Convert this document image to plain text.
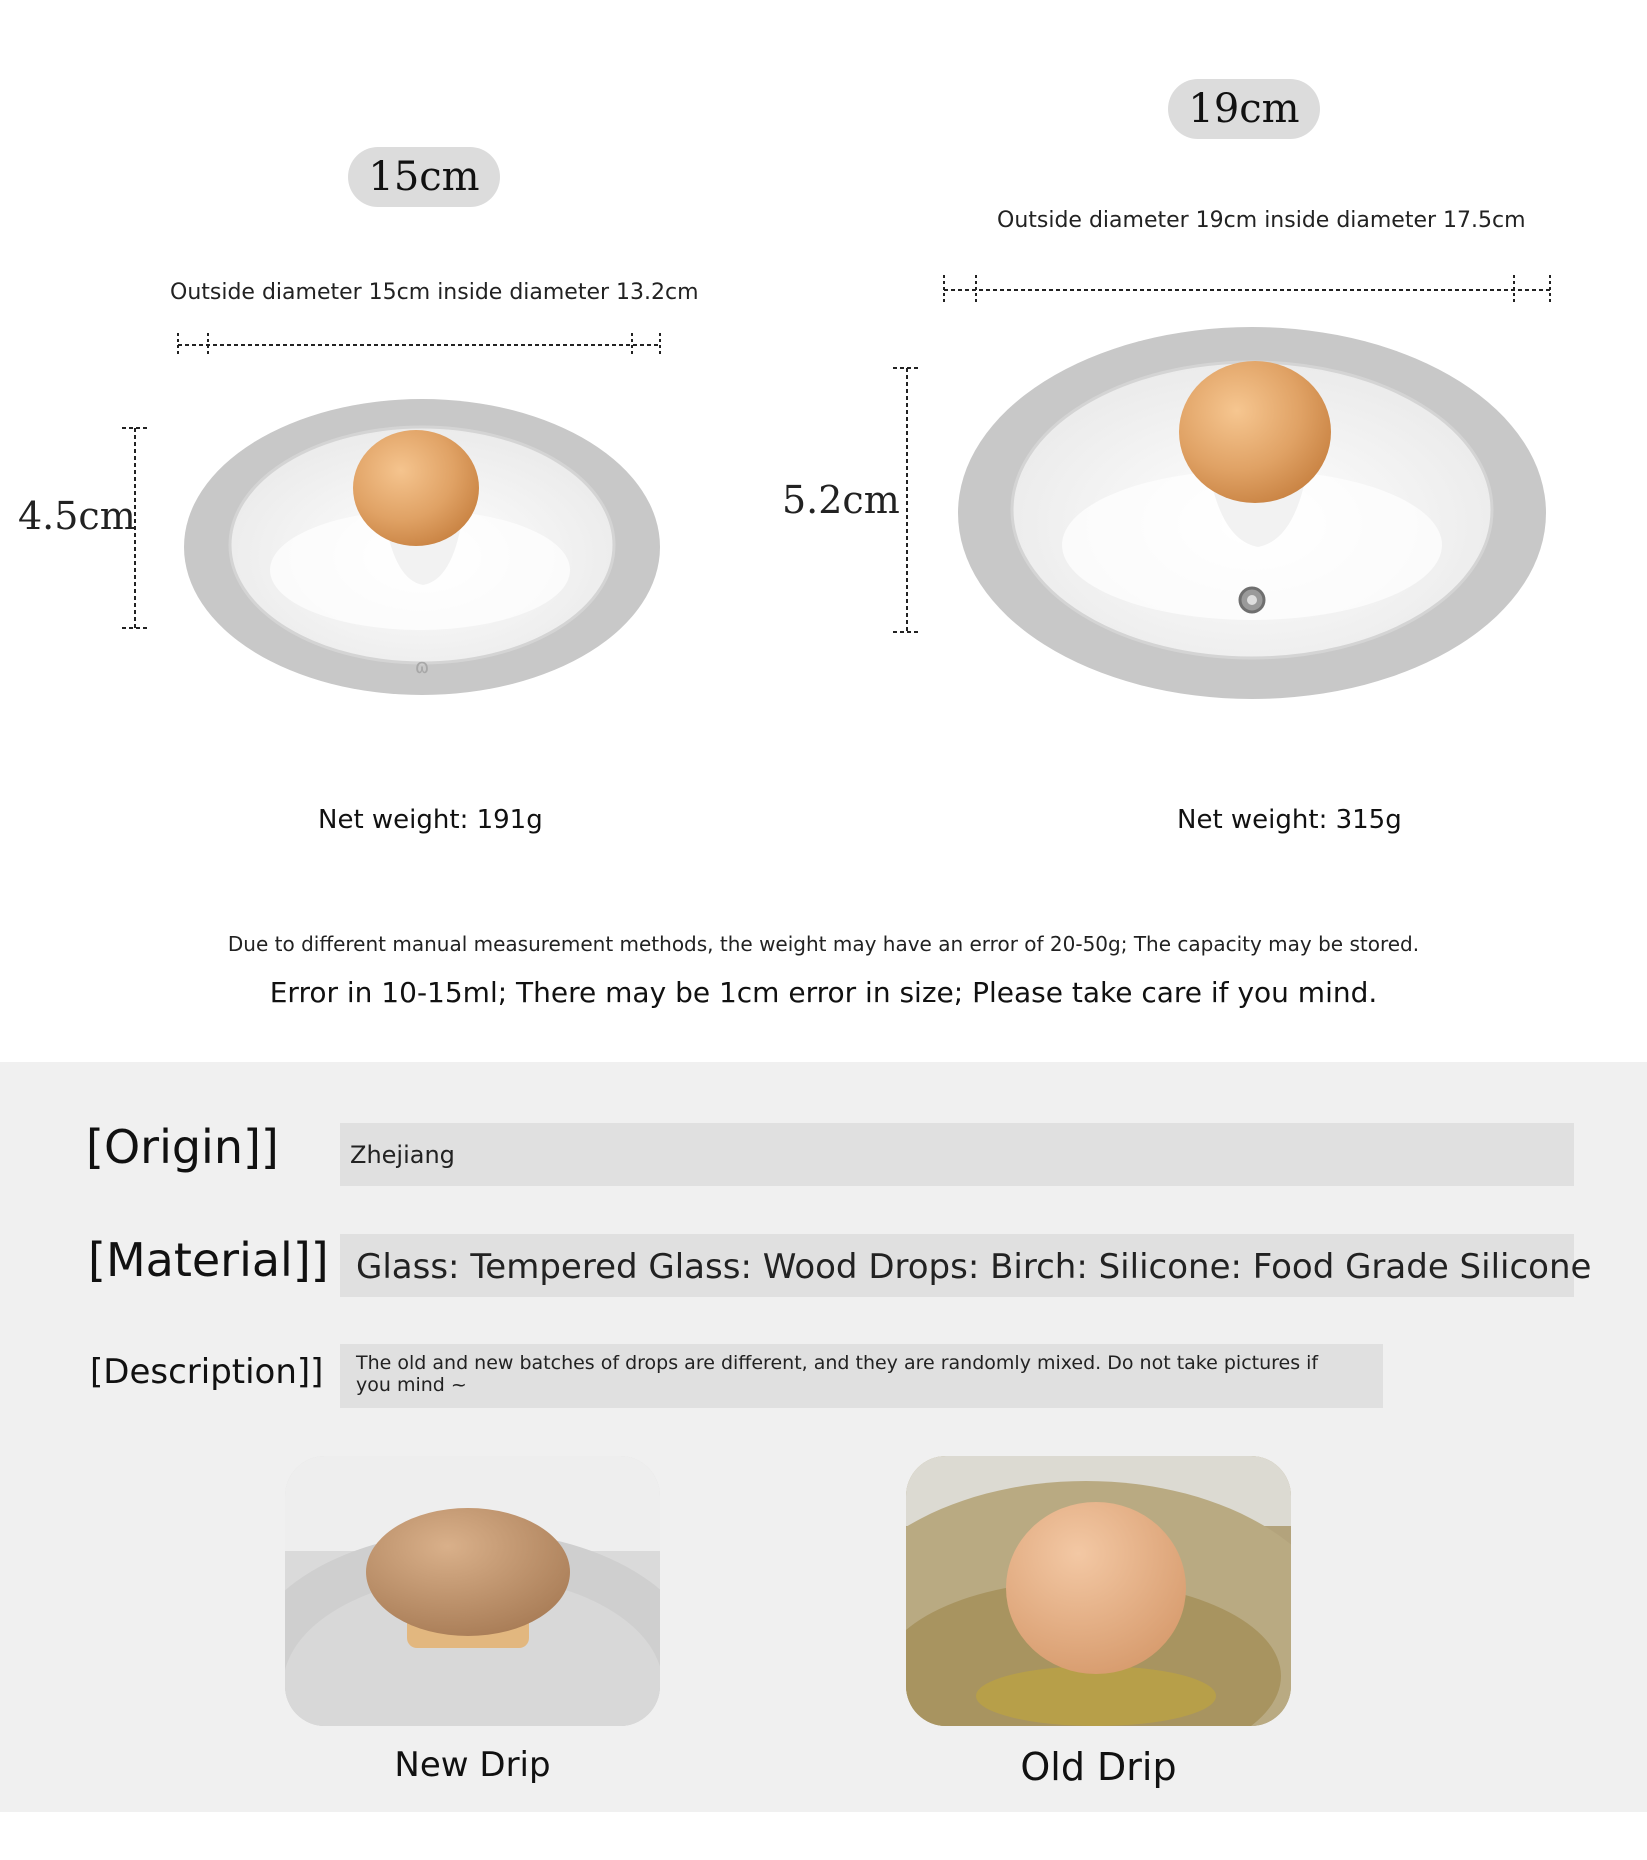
15cm
Outside diameter 15cm inside diameter 13.2cm
4.5cm
ɷ
Net weight: 191g
19cm
Outside diameter 19cm inside diameter 17.5cm
5.2cm
Net weight: 315g
Due to different manual measurement methods, the weight may have an error of 20-50g; The capacity may be stored.
Error in 10-15ml; There may be 1cm error in size; Please take care if you mind.
[Origin]]	Zhejiang
[Material]] Glass: Tempered Glass: Wood Drops: Birch: Silicone: Food Grade Silicone
[Description]] The old and new batches of drops are different, and they are randomly mixed. Do not take pictures if you mind ~
New Drip	Old Drip
